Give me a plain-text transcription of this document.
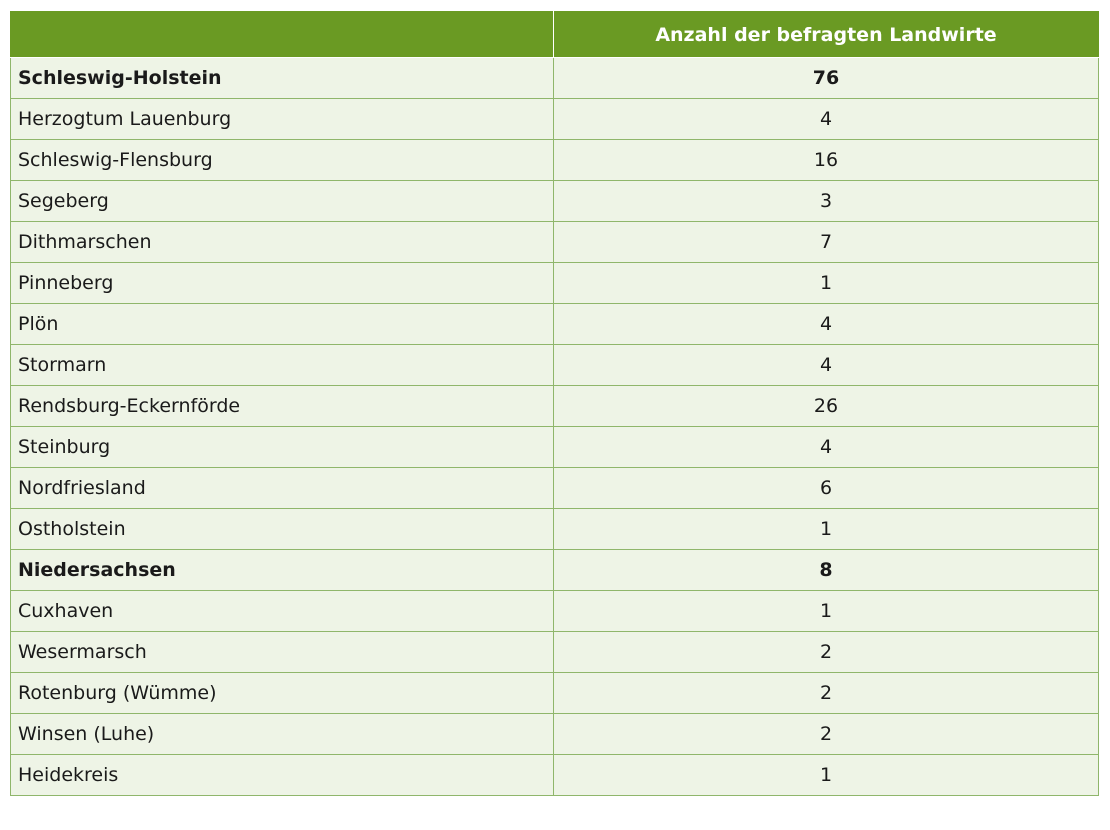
	Anzahl der befragten Landwirte
Schleswig-Holstein	76
Herzogtum Lauenburg	4
Schleswig-Flensburg	16
Segeberg	3
Dithmarschen	7
Pinneberg	1
Plön	4
Stormarn	4
Rendsburg-Eckernförde	26
Steinburg	4
Nordfriesland	6
Ostholstein	1
Niedersachsen	8
Cuxhaven	1
Wesermarsch	2
Rotenburg (Wümme)	2
Winsen (Luhe)	2
Heidekreis	1
